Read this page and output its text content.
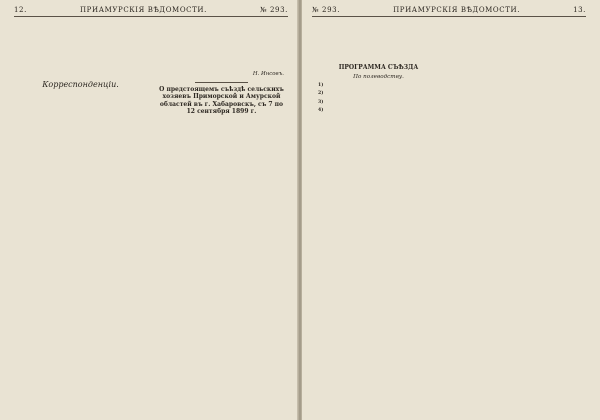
12.	ПРИАМУРСКІЯ ВѢДОМОСТИ.	№ 293.

Корреспонденціи.

Н. Инсовъ.
О предстоящемъ съѣздѣ сельскихъ хозяевъ Приморской и Амурской областей въ г. Хабаровскъ, съ 7 по 12 сентября 1899 г.

№ 293.	ПРИАМУРСКІЯ ВѢДОМОСТИ.	13.

ПРОГРАММА СЪѢЗДА
По полеводству.

1)

2)

3)

4)
